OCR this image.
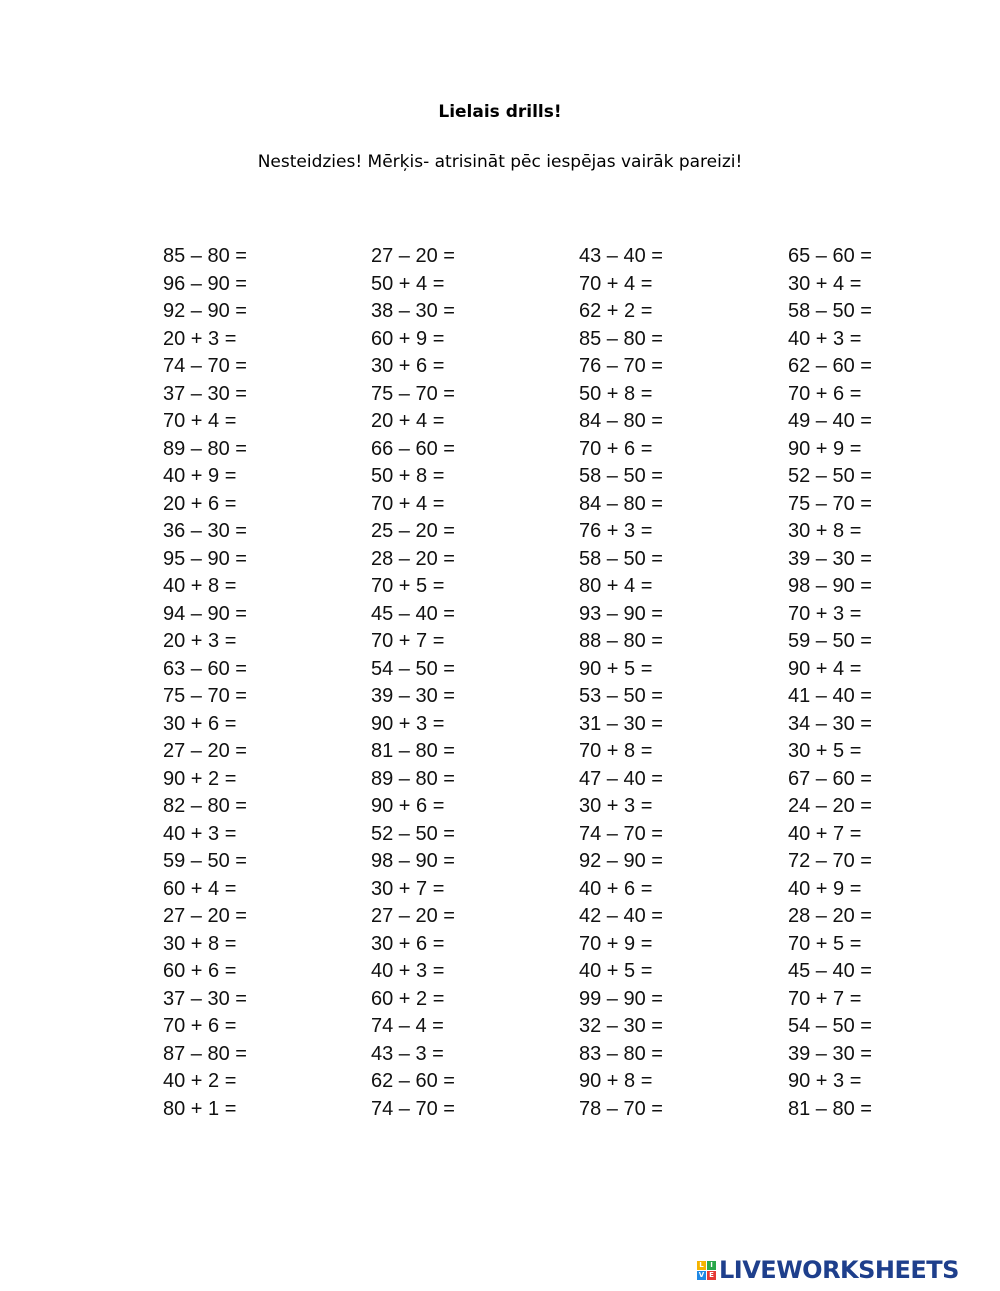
Lielais drills!
Nesteidzies! Mērķis- atrisināt pēc iespējas vairāk pareizi!
85 – 80 =
96 – 90 =
92 – 90 =
20 + 3 =
74 – 70 =
37 – 30 =
70 + 4 =
89 – 80 =
40 + 9 =
20 + 6 =
36 – 30 =
95 – 90 =
40 + 8 =
94 – 90 =
20 + 3 =
63 – 60 =
75 – 70 =
30 + 6 =
27 – 20 =
90 + 2 =
82 – 80 =
40 + 3 =
59 – 50 =
60 + 4 =
27 – 20 =
30 + 8 =
60 + 6 =
37 – 30 =
70 + 6 =
87 – 80 =
40 + 2 =
80 + 1 =
27 – 20 =
50 + 4 =
38 – 30 =
60 + 9 =
30 + 6 =
75 – 70 =
20 + 4 =
66 – 60 =
50 + 8 =
70 + 4 =
25 – 20 =
28 – 20 =
70 + 5 =
45 – 40 =
70 + 7 =
54 – 50 =
39 – 30 =
90 + 3 =
81 – 80 =
89 – 80 =
90 + 6 =
52 – 50 =
98 – 90 =
30 + 7 =
27 – 20 =
30 + 6 =
40 + 3 =
60 + 2 =
74 – 4 =
43 – 3 =
62 – 60 =
74 – 70 =
43 – 40 =
70 + 4 =
62 + 2 =
85 – 80 =
76 – 70 =
50 + 8 =
84 – 80 =
70 + 6 =
58 – 50 =
84 – 80 =
76 + 3 =
58 – 50 =
80 + 4 =
93 – 90 =
88 – 80 =
90 + 5 =
53 – 50 =
31 – 30 =
70 + 8 =
47 – 40 =
30 + 3 =
74 – 70 =
92 – 90 =
40 + 6 =
42 – 40 =
70 + 9 =
40 + 5 =
99 – 90 =
32 – 30 =
83 – 80 =
90 + 8 =
78 – 70 =
65 – 60 =
30 + 4 =
58 – 50 =
40 + 3 =
62 – 60 =
70 + 6 =
49 – 40 =
90 + 9 =
52 – 50 =
75 – 70 =
30 + 8 =
39 – 30 =
98 – 90 =
70 + 3 =
59 – 50 =
90 + 4 =
41 – 40 =
34 – 30 =
30 + 5 =
67 – 60 =
24 – 20 =
40 + 7 =
72 – 70 =
40 + 9 =
28 – 20 =
70 + 5 =
45 – 40 =
70 + 7 =
54 – 50 =
39 – 30 =
90 + 3 =
81 – 80 =
L I
V E LIVEWORKSHEETS
